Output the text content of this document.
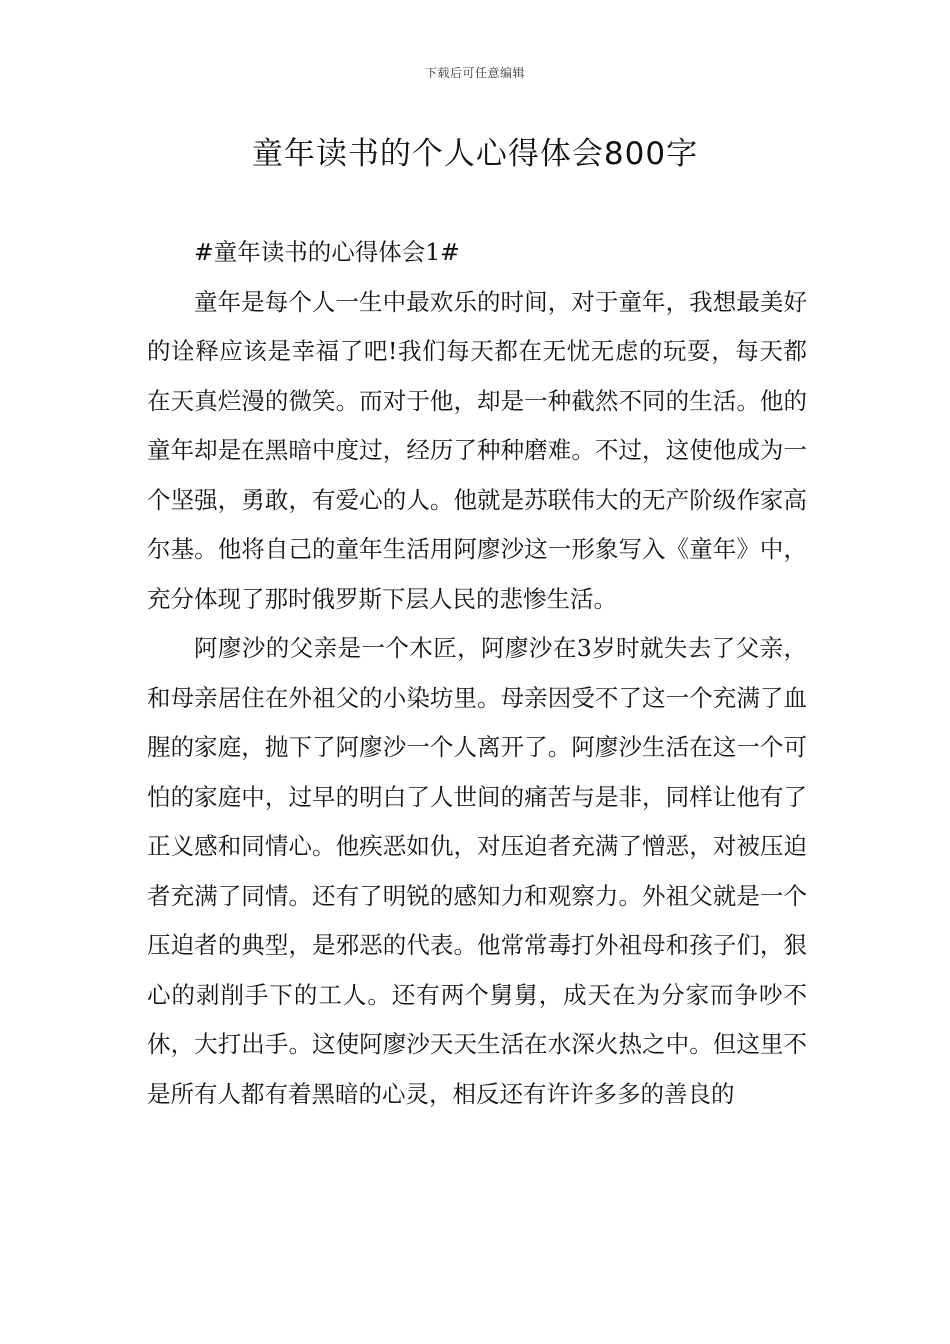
下载后可任意编辑
童年读书的个人心得体会800字

#童年读书的心得体会1#

童年是每个人一生中最欢乐的时间，对于童年，我想最美好的诠释应该是幸福了吧!我们每天都在无忧无虑的玩耍，每天都在天真烂漫的微笑。而对于他，却是一种截然不同的生活。他的童年却是在黑暗中度过，经历了种种磨难。不过，这使他成为一个坚强，勇敢，有爱心的人。他就是苏联伟大的无产阶级作家高尔基。他将自己的童年生活用阿廖沙这一形象写入《童年》中，充分体现了那时俄罗斯下层人民的悲惨生活。

阿廖沙的父亲是一个木匠，阿廖沙在3岁时就失去了父亲，和母亲居住在外祖父的小染坊里。母亲因受不了这一个充满了血腥的家庭，抛下了阿廖沙一个人离开了。阿廖沙生活在这一个可怕的家庭中，过早的明白了人世间的痛苦与是非，同样让他有了正义感和同情心。他疾恶如仇，对压迫者充满了憎恶，对被压迫者充满了同情。还有了明锐的感知力和观察力。外祖父就是一个压迫者的典型，是邪恶的代表。他常常毒打外祖母和孩子们，狠心的剥削手下的工人。还有两个舅舅，成天在为分家而争吵不休，大打出手。这使阿廖沙天天生活在水深火热之中。但这里不是所有人都有着黑暗的心灵，相反还有许许多多的善良的
